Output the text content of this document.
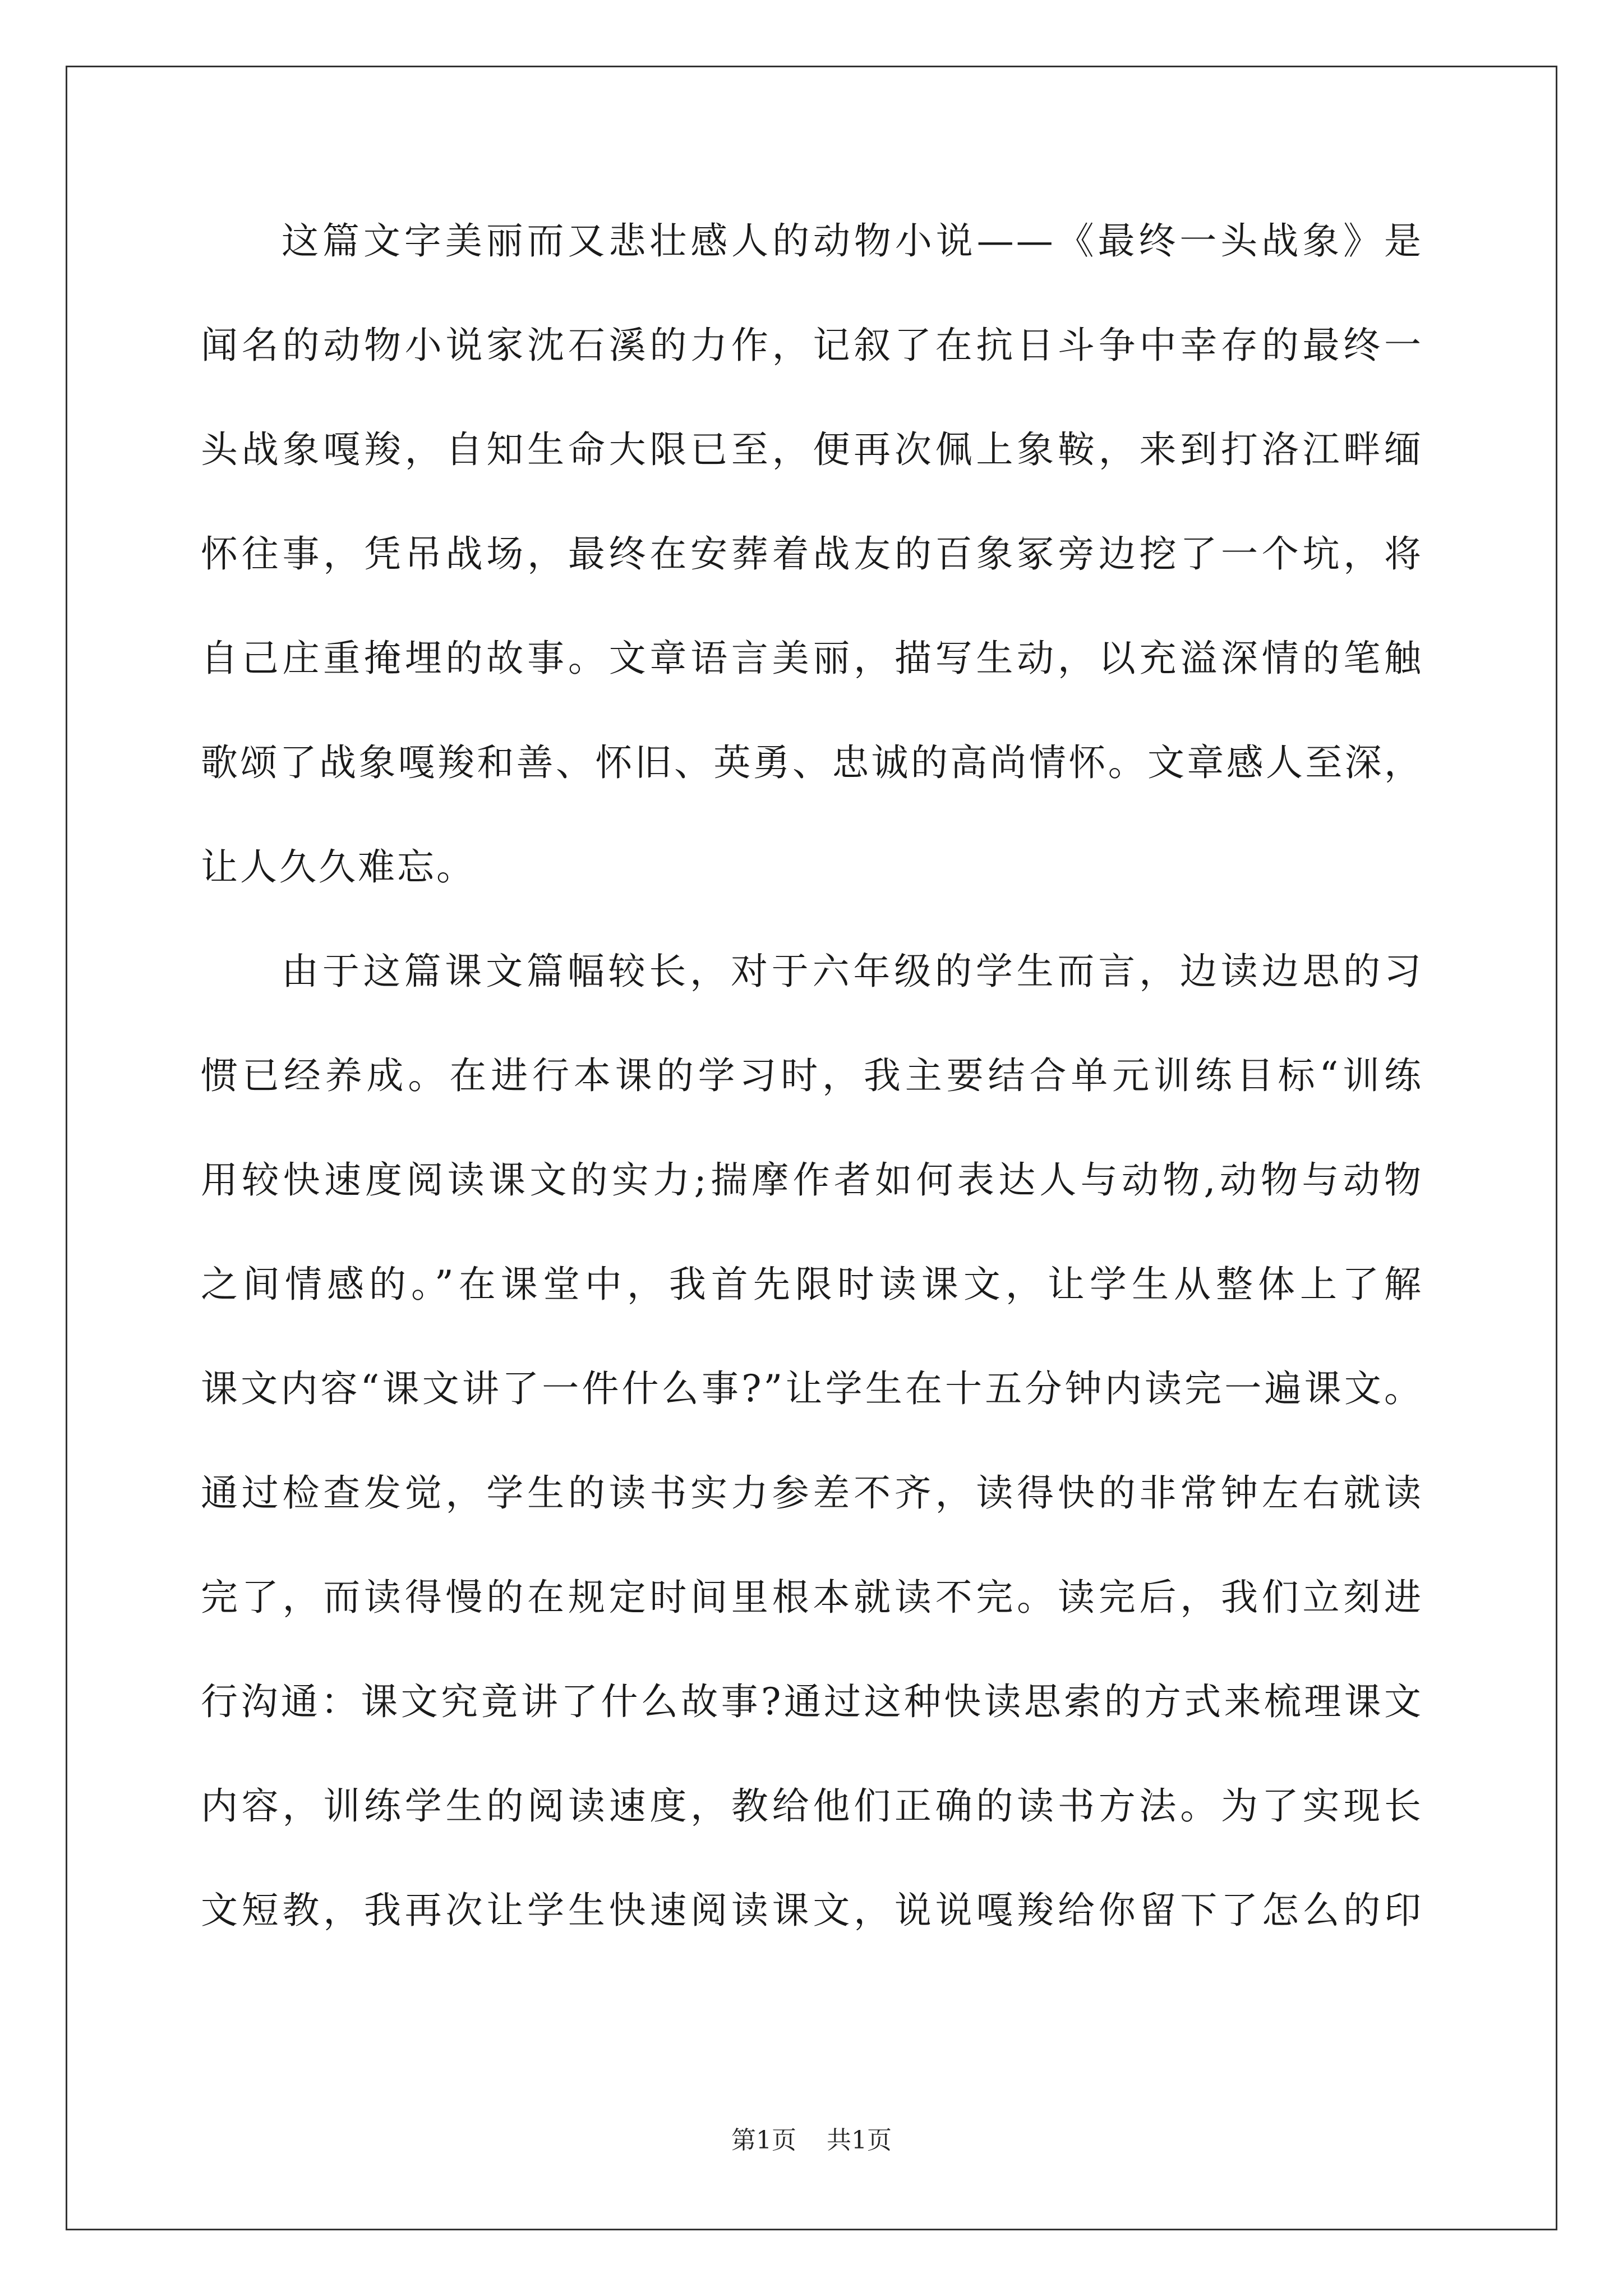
这篇文字美丽而又悲壮感人的动物小说——《最终一头战象》是
闻名的动物小说家沈石溪的力作，记叙了在抗日斗争中幸存的最终一
头战象嘎羧，自知生命大限已至，便再次佩上象鞍，来到打洛江畔缅
怀往事，凭吊战场，最终在安葬着战友的百象冢旁边挖了一个坑，将
自己庄重掩埋的故事。文章语言美丽，描写生动，以充溢深情的笔触
歌颂了战象嘎羧和善、怀旧、英勇、忠诚的高尚情怀。文章感人至深，
让人久久难忘。
由于这篇课文篇幅较长，对于六年级的学生而言，边读边思的习
惯已经养成。在进行本课的学习时，我主要结合单元训练目标“训练
用较快速度阅读课文的实力;揣摩作者如何表达人与动物,动物与动物
之间情感的。”在课堂中，我首先限时读课文，让学生从整体上了解
课文内容“课文讲了一件什么事?”让学生在十五分钟内读完一遍课文。
通过检查发觉，学生的读书实力参差不齐，读得快的非常钟左右就读
完了，而读得慢的在规定时间里根本就读不完。读完后，我们立刻进
行沟通：课文究竟讲了什么故事?通过这种快读思索的方式来梳理课文
内容，训练学生的阅读速度，教给他们正确的读书方法。为了实现长
文短教，我再次让学生快速阅读课文，说说嘎羧给你留下了怎么的印
第1页 共1页
